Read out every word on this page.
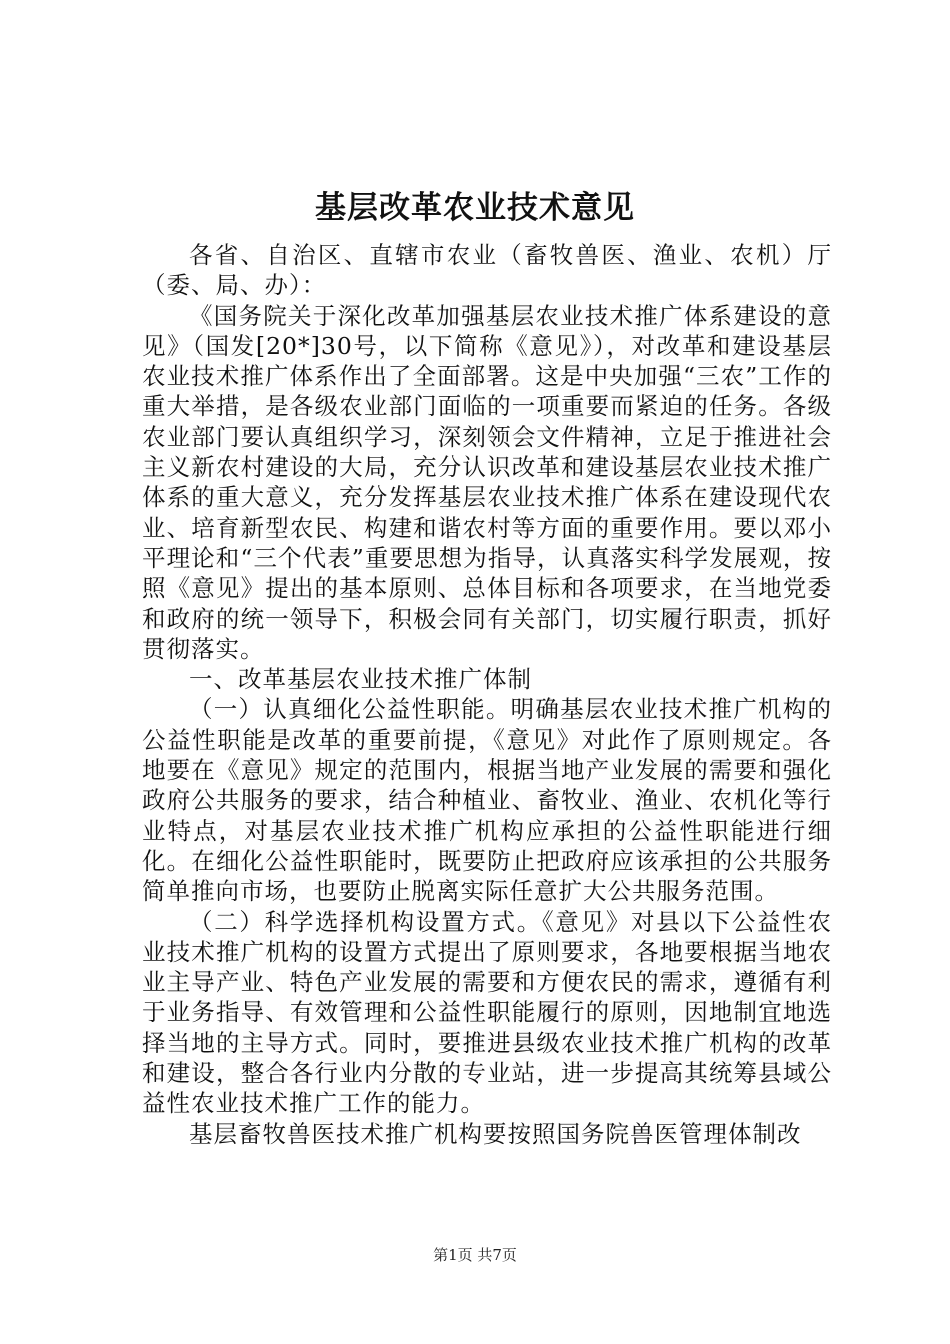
基层改革农业技术意见

各省、自治区、直辖市农业（畜牧兽医、渔业、农机）厅（委、局、办）：

《国务院关于深化改革加强基层农业技术推广体系建设的意见》（国发[20*]30号，以下简称《意见》），对改革和建设基层农业技术推广体系作出了全面部署。这是中央加强“三农”工作的重大举措，是各级农业部门面临的一项重要而紧迫的任务。各级农业部门要认真组织学习，深刻领会文件精神，立足于推进社会主义新农村建设的大局，充分认识改革和建设基层农业技术推广体系的重大意义，充分发挥基层农业技术推广体系在建设现代农业、培育新型农民、构建和谐农村等方面的重要作用。要以邓小平理论和“三个代表”重要思想为指导，认真落实科学发展观，按照《意见》提出的基本原则、总体目标和各项要求，在当地党委和政府的统一领导下，积极会同有关部门，切实履行职责，抓好贯彻落实。

一、改革基层农业技术推广体制

（一）认真细化公益性职能。明确基层农业技术推广机构的公益性职能是改革的重要前提，《意见》对此作了原则规定。各地要在《意见》规定的范围内，根据当地产业发展的需要和强化政府公共服务的要求，结合种植业、畜牧业、渔业、农机化等行业特点，对基层农业技术推广机构应承担的公益性职能进行细化。在细化公益性职能时，既要防止把政府应该承担的公共服务简单推向市场，也要防止脱离实际任意扩大公共服务范围。

（二）科学选择机构设置方式。《意见》对县以下公益性农业技术推广机构的设置方式提出了原则要求，各地要根据当地农业主导产业、特色产业发展的需要和方便农民的需求，遵循有利于业务指导、有效管理和公益性职能履行的原则，因地制宜地选择当地的主导方式。同时，要推进县级农业技术推广机构的改革和建设，整合各行业内分散的专业站，进一步提高其统筹县域公益性农业技术推广工作的能力。

基层畜牧兽医技术推广机构要按照国务院兽医管理体制改

第1页 共7页
